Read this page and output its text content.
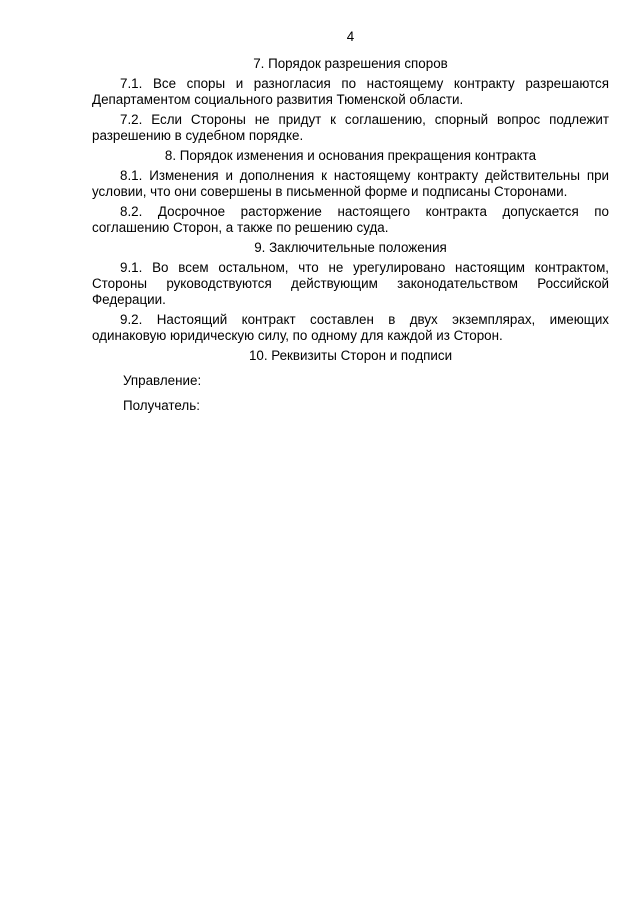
4
7. Порядок разрешения споров

7.1. Все споры и разногласия по настоящему контракту разрешаются Департаментом социального развития Тюменской области.

7.2. Если Стороны не придут к соглашению, спорный вопрос подлежит разрешению в судебном порядке.

8. Порядок изменения и основания прекращения контракта

8.1. Изменения и дополнения к настоящему контракту действительны при условии, что они совершены в письменной форме и подписаны Сторонами.

8.2. Досрочное расторжение настоящего контракта допускается по соглашению Сторон, а также по решению суда.

9. Заключительные положения

9.1. Во всем остальном, что не урегулировано настоящим контрактом, Стороны руководствуются действующим законодательством Российской Федерации.

9.2. Настоящий контракт составлен в двух экземплярах, имеющих одинаковую юридическую силу, по одному для каждой из Сторон.

10. Реквизиты Сторон и подписи
Управление:
Получатель:
